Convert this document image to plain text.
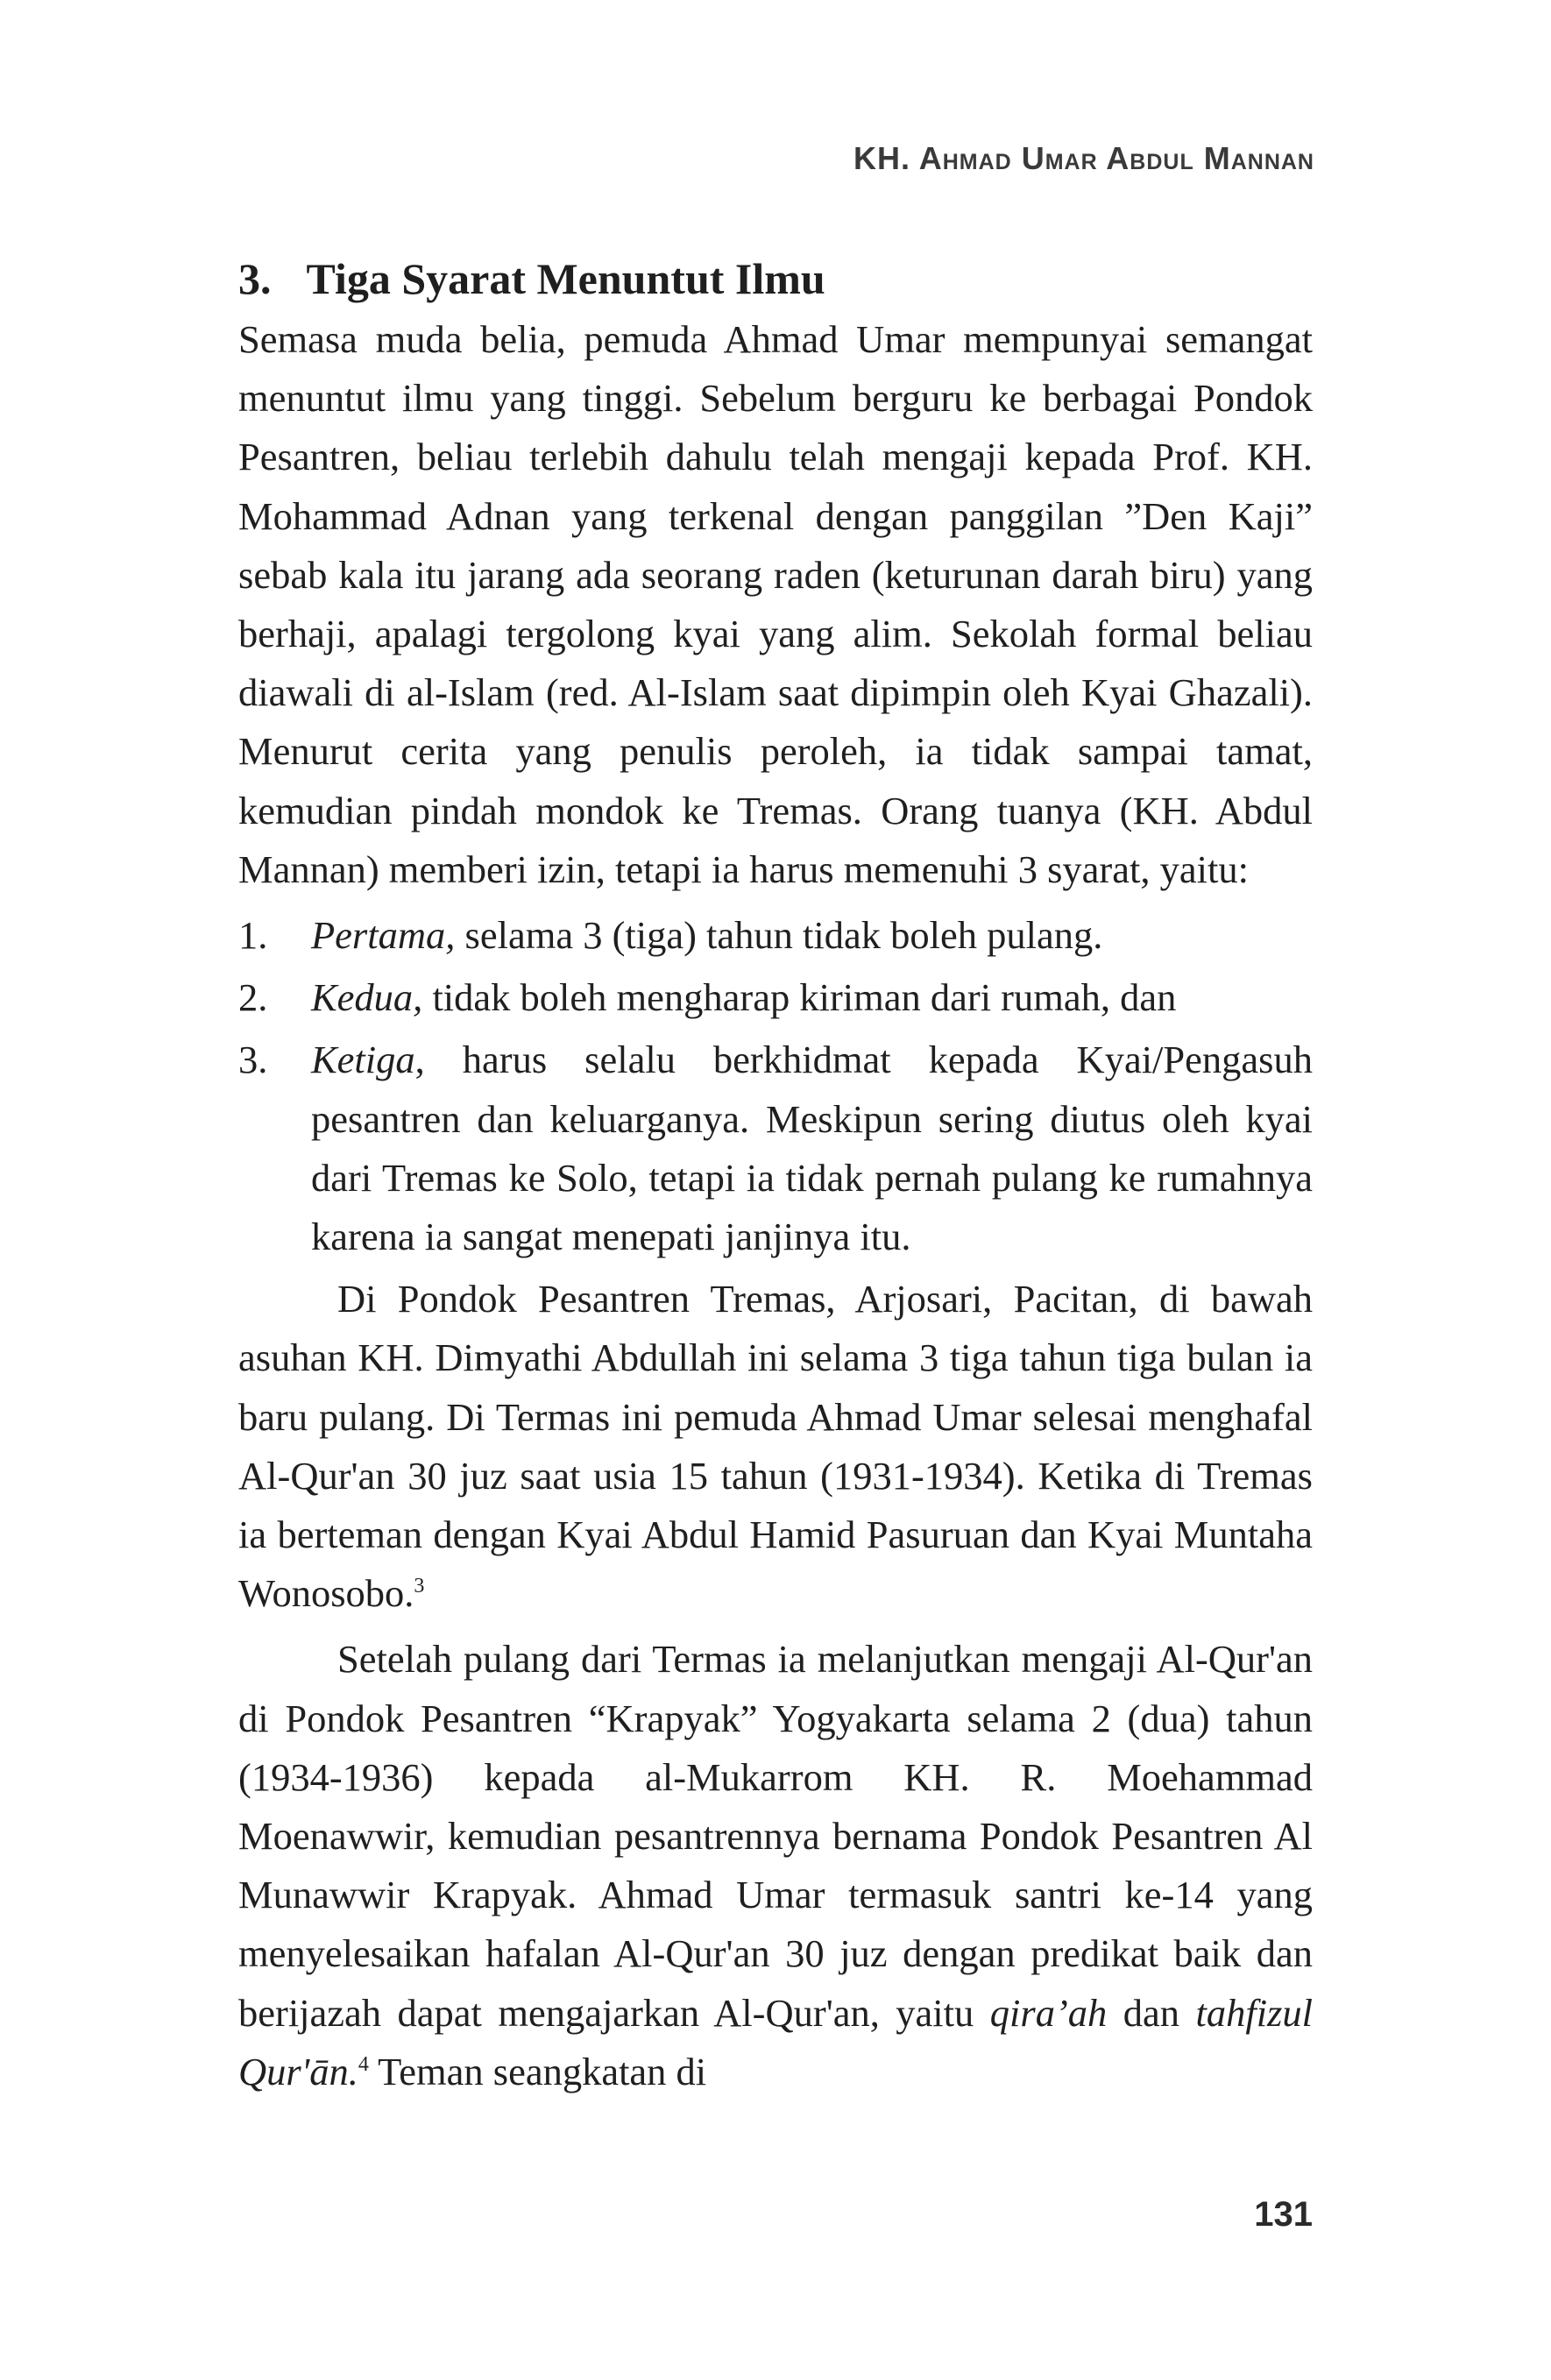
KH. Ahmad Umar Abdul Mannan
3. Tiga Syarat Menuntut Ilmu

Semasa muda belia, pemuda Ahmad Umar mempunyai semangat menuntut ilmu yang tinggi. Sebelum berguru ke berbagai Pondok Pesantren, beliau terlebih dahulu telah mengaji kepada Prof. KH. Mohammad Adnan yang terkenal dengan panggilan ”Den Kaji” sebab kala itu jarang ada seorang raden (keturunan darah biru) yang berhaji, apalagi tergolong kyai yang alim. Sekolah formal beliau diawali di al-Islam (red. Al-Islam saat dipimpin oleh Kyai Ghazali). Menurut cerita yang penulis peroleh, ia tidak sampai tamat, kemudian pindah mondok ke Tremas. Orang tuanya (KH. Abdul Mannan) memberi izin, tetapi ia harus memenuhi 3 syarat, yaitu:

1.	Pertama, selama 3 (tiga) tahun tidak boleh pulang.
2.	Kedua, tidak boleh mengharap kiriman dari rumah, dan
3.	Ketiga, harus selalu berkhidmat kepada Kyai/Pengasuh pesantren dan keluarganya. Meskipun sering diutus oleh kyai dari Tremas ke Solo, tetapi ia tidak pernah pulang ke rumahnya karena ia sangat menepati janjinya itu.

Di Pondok Pesantren Tremas, Arjosari, Pacitan, di bawah asuhan KH. Dimyathi Abdullah ini selama 3 tiga tahun tiga bulan ia baru pulang. Di Termas ini pemuda Ahmad Umar selesai menghafal Al-Qur'an 30 juz saat usia 15 tahun (1931-1934). Ketika di Tremas ia berteman dengan Kyai Abdul Hamid Pasuruan dan Kyai Muntaha Wonosobo.$^3$

Setelah pulang dari Termas ia melanjutkan mengaji Al-Qur'an di Pondok Pesantren “Krapyak” Yogyakarta selama 2 (dua) tahun (1934-1936) kepada al-Mukarrom KH. R. Moehammad Moenawwir, kemudian pesantrennya bernama Pondok Pesantren Al Munawwir Krapyak. Ahmad Umar termasuk santri ke-14 yang menyelesaikan hafalan Al-Qur'an 30 juz dengan predikat baik dan berijazah dapat mengajarkan Al-Qur'an, yaitu qira’ah dan tahfizul Qur'ān.$^4$ Teman seangkatan di

131
